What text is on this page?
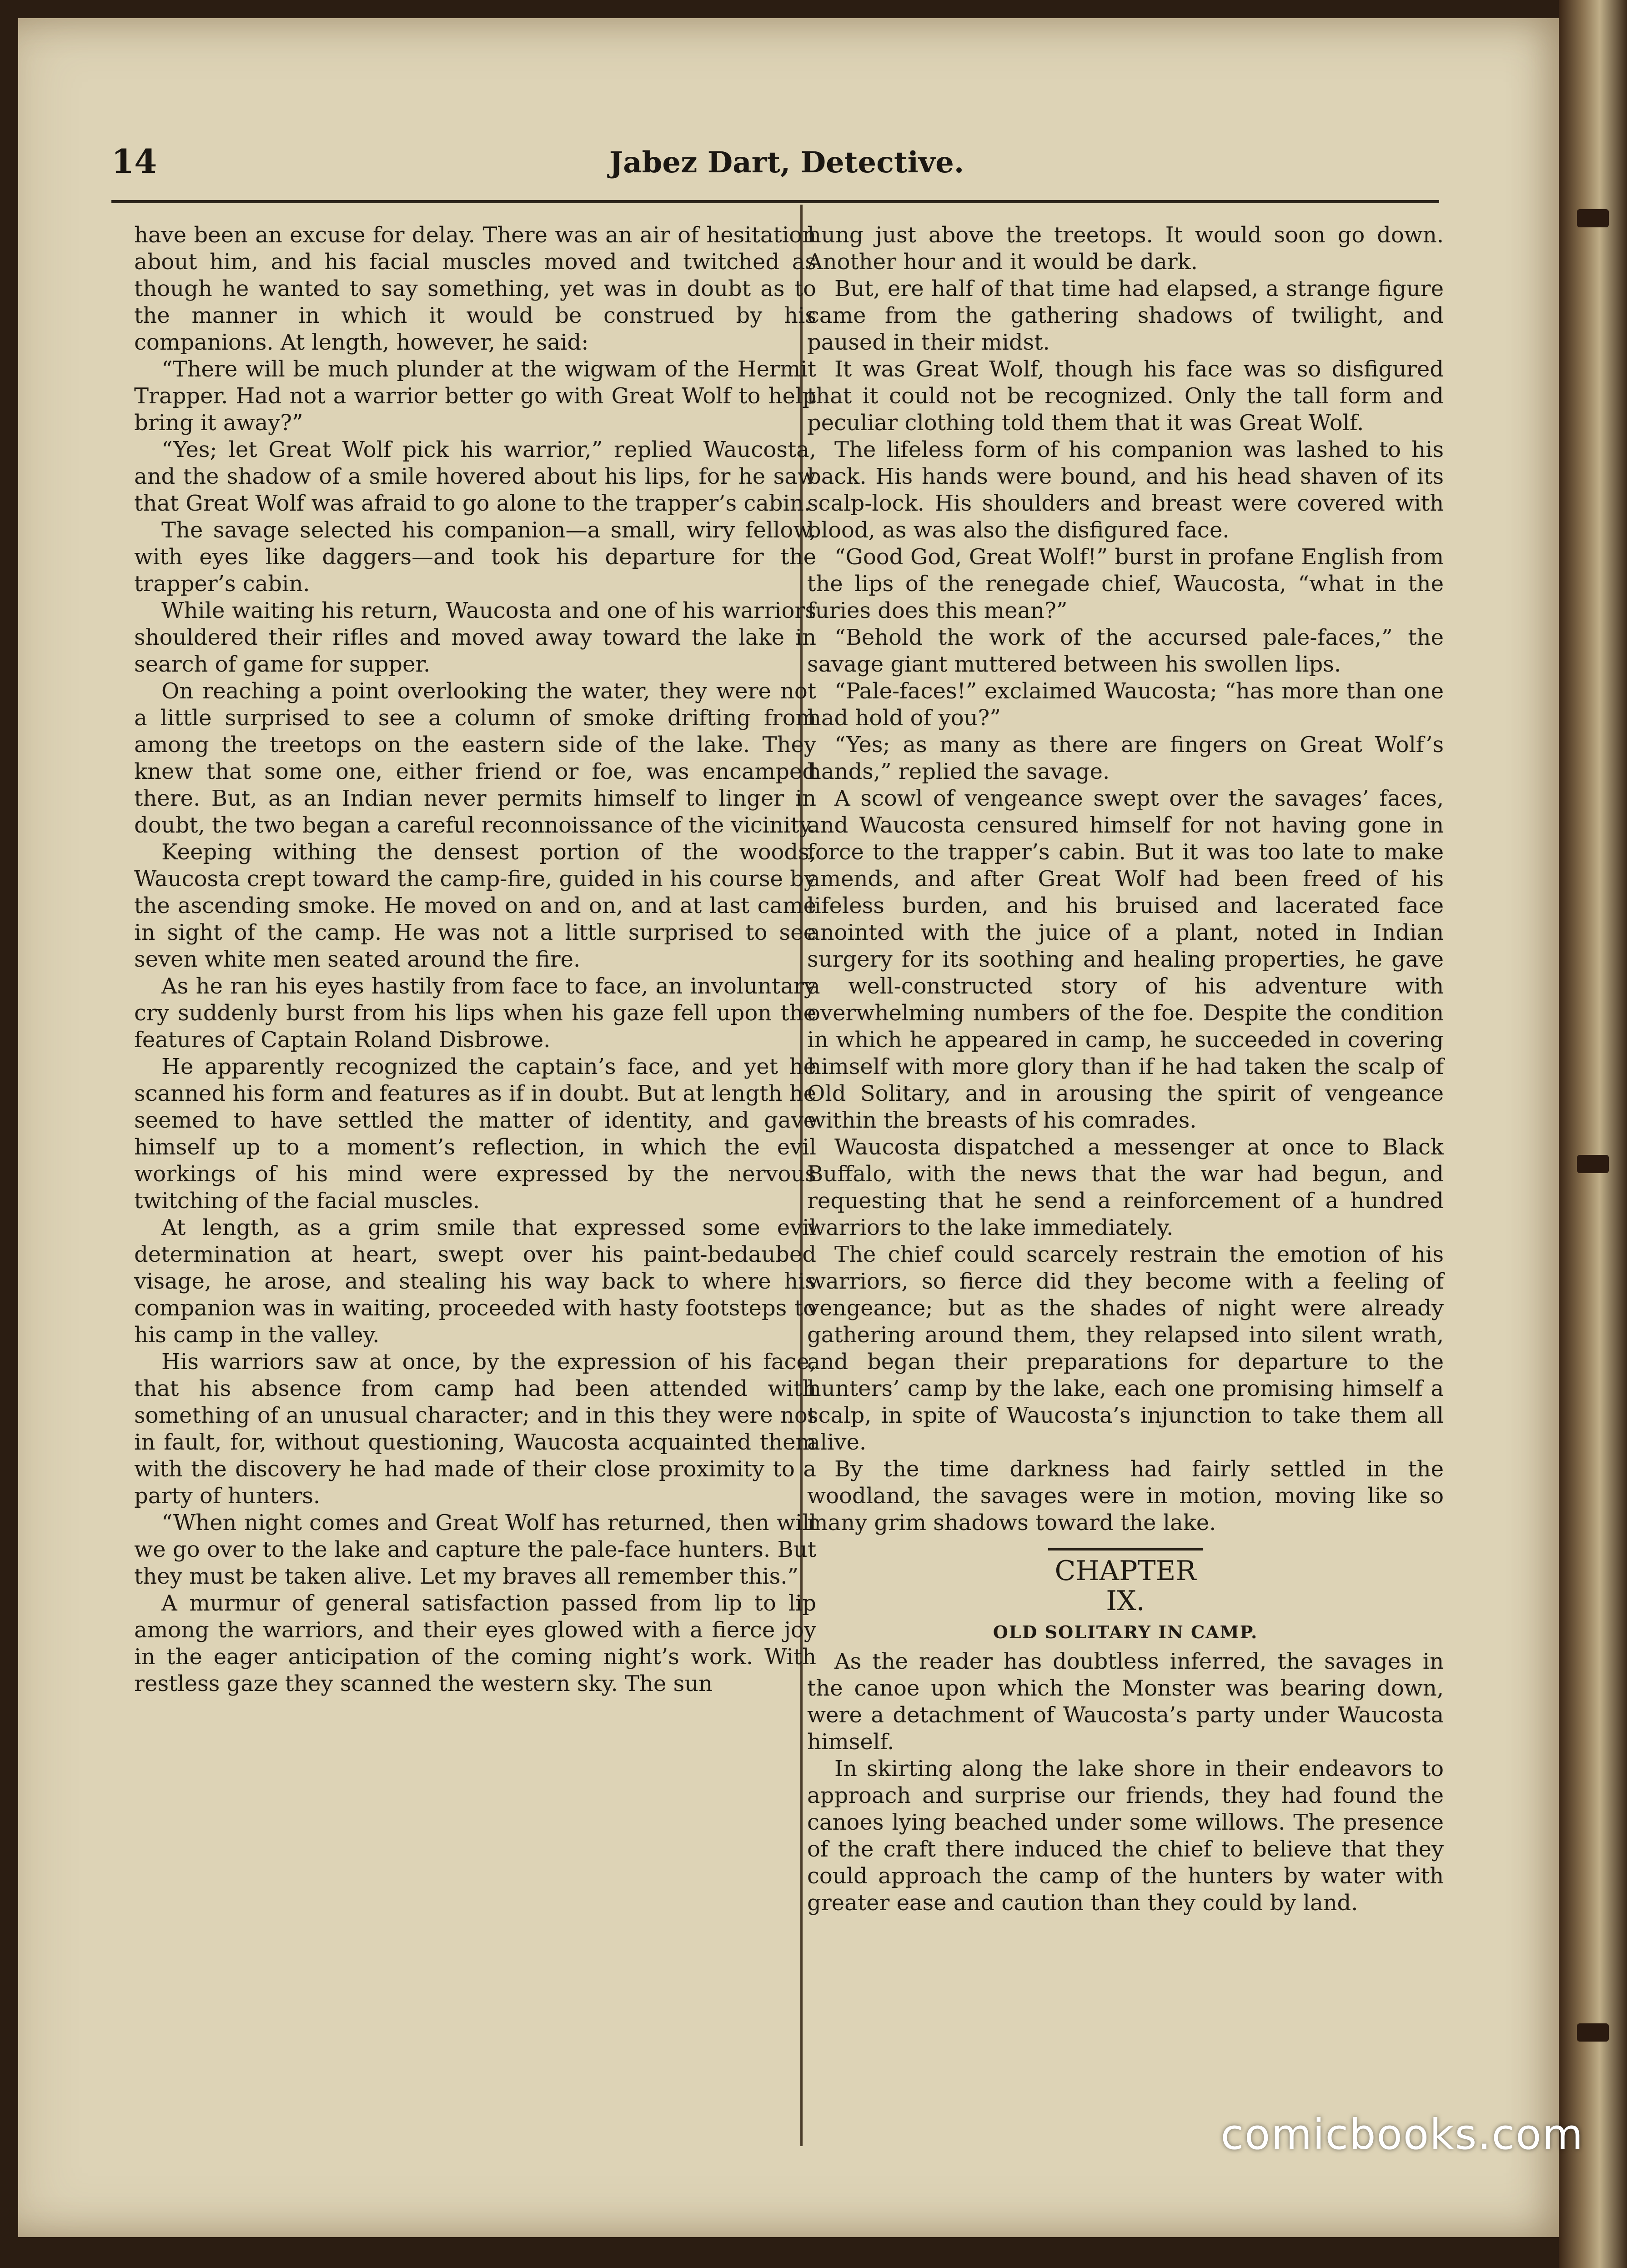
14	Jabez Dart, Detective.

have been an excuse for delay. There was an air of hesitation about him, and his facial muscles moved and twitched as though he wanted to say something, yet was in doubt as to the manner in which it would be construed by his companions. At length, however, he said:

“There will be much plunder at the wigwam of the Hermit Trapper. Had not a warrior better go with Great Wolf to help bring it away?”

“Yes; let Great Wolf pick his warrior,” replied Waucosta, and the shadow of a smile hovered about his lips, for he saw that Great Wolf was afraid to go alone to the trapper’s cabin.

The savage selected his companion—a small, wiry fellow, with eyes like daggers—and took his departure for the trapper’s cabin.

While waiting his return, Waucosta and one of his warriors shouldered their rifles and moved away toward the lake in search of game for supper.

On reaching a point overlooking the water, they were not a little surprised to see a column of smoke drifting from among the treetops on the eastern side of the lake. They knew that some one, either friend or foe, was encamped there. But, as an Indian never permits himself to linger in doubt, the two began a careful reconnoissance of the vicinity.

Keeping withing the densest portion of the woods, Waucosta crept toward the camp-fire, guided in his course by the ascending smoke. He moved on and on, and at last came in sight of the camp. He was not a little surprised to see seven white men seated around the fire.

As he ran his eyes hastily from face to face, an involuntary cry suddenly burst from his lips when his gaze fell upon the features of Captain Roland Disbrowe.

He apparently recognized the captain’s face, and yet he scanned his form and features as if in doubt. But at length he seemed to have settled the matter of identity, and gave himself up to a moment’s reflection, in which the evil workings of his mind were expressed by the nervous twitching of the facial muscles.

At length, as a grim smile that expressed some evil determination at heart, swept over his paint-bedaubed visage, he arose, and stealing his way back to where his companion was in waiting, proceeded with hasty footsteps to his camp in the valley.

His warriors saw at once, by the expression of his face, that his absence from camp had been attended with something of an unusual character; and in this they were not in fault, for, without questioning, Waucosta acquainted them with the discovery he had made of their close proximity to a party of hunters.

“When night comes and Great Wolf has returned, then will we go over to the lake and capture the pale-face hunters. But they must be taken alive. Let my braves all remember this.”

A murmur of general satisfaction passed from lip to lip among the warriors, and their eyes glowed with a fierce joy in the eager anticipation of the coming night’s work. With restless gaze they scanned the western sky. The sun

hung just above the treetops. It would soon go down. Another hour and it would be dark.

But, ere half of that time had elapsed, a strange figure came from the gathering shadows of twilight, and paused in their midst.

It was Great Wolf, though his face was so disfigured that it could not be recognized. Only the tall form and peculiar clothing told them that it was Great Wolf.

The lifeless form of his companion was lashed to his back. His hands were bound, and his head shaven of its scalp-lock. His shoulders and breast were covered with blood, as was also the disfigured face.

“Good God, Great Wolf!” burst in profane English from the lips of the renegade chief, Waucosta, “what in the furies does this mean?”

“Behold the work of the accursed pale-faces,” the savage giant muttered between his swollen lips.

“Pale-faces!” exclaimed Waucosta; “has more than one had hold of you?”

“Yes; as many as there are fingers on Great Wolf’s hands,” replied the savage.

A scowl of vengeance swept over the savages’ faces, and Waucosta censured himself for not having gone in force to the trapper’s cabin. But it was too late to make amends, and after Great Wolf had been freed of his lifeless burden, and his bruised and lacerated face anointed with the juice of a plant, noted in Indian surgery for its soothing and healing properties, he gave a well-constructed story of his adventure with overwhelming numbers of the foe. Despite the condition in which he appeared in camp, he succeeded in covering himself with more glory than if he had taken the scalp of Old Solitary, and in arousing the spirit of vengeance within the breasts of his comrades.

Waucosta dispatched a messenger at once to Black Buffalo, with the news that the war had begun, and requesting that he send a reinforcement of a hundred warriors to the lake immediately.

The chief could scarcely restrain the emotion of his warriors, so fierce did they become with a feeling of vengeance; but as the shades of night were already gathering around them, they relapsed into silent wrath, and began their preparations for departure to the hunters’ camp by the lake, each one promising himself a scalp, in spite of Waucosta’s injunction to take them all alive.

By the time darkness had fairly settled in the woodland, the savages were in motion, moving like so many grim shadows toward the lake.

CHAPTER IX.
OLD SOLITARY IN CAMP.

As the reader has doubtless inferred, the savages in the canoe upon which the Monster was bearing down, were a detachment of Waucosta’s party under Waucosta himself.

In skirting along the lake shore in their endeavors to approach and surprise our friends, they had found the canoes lying beached under some willows. The presence of the craft there induced the chief to believe that they could approach the camp of the hunters by water with greater ease and caution than they could by land.

comicbooks.com
